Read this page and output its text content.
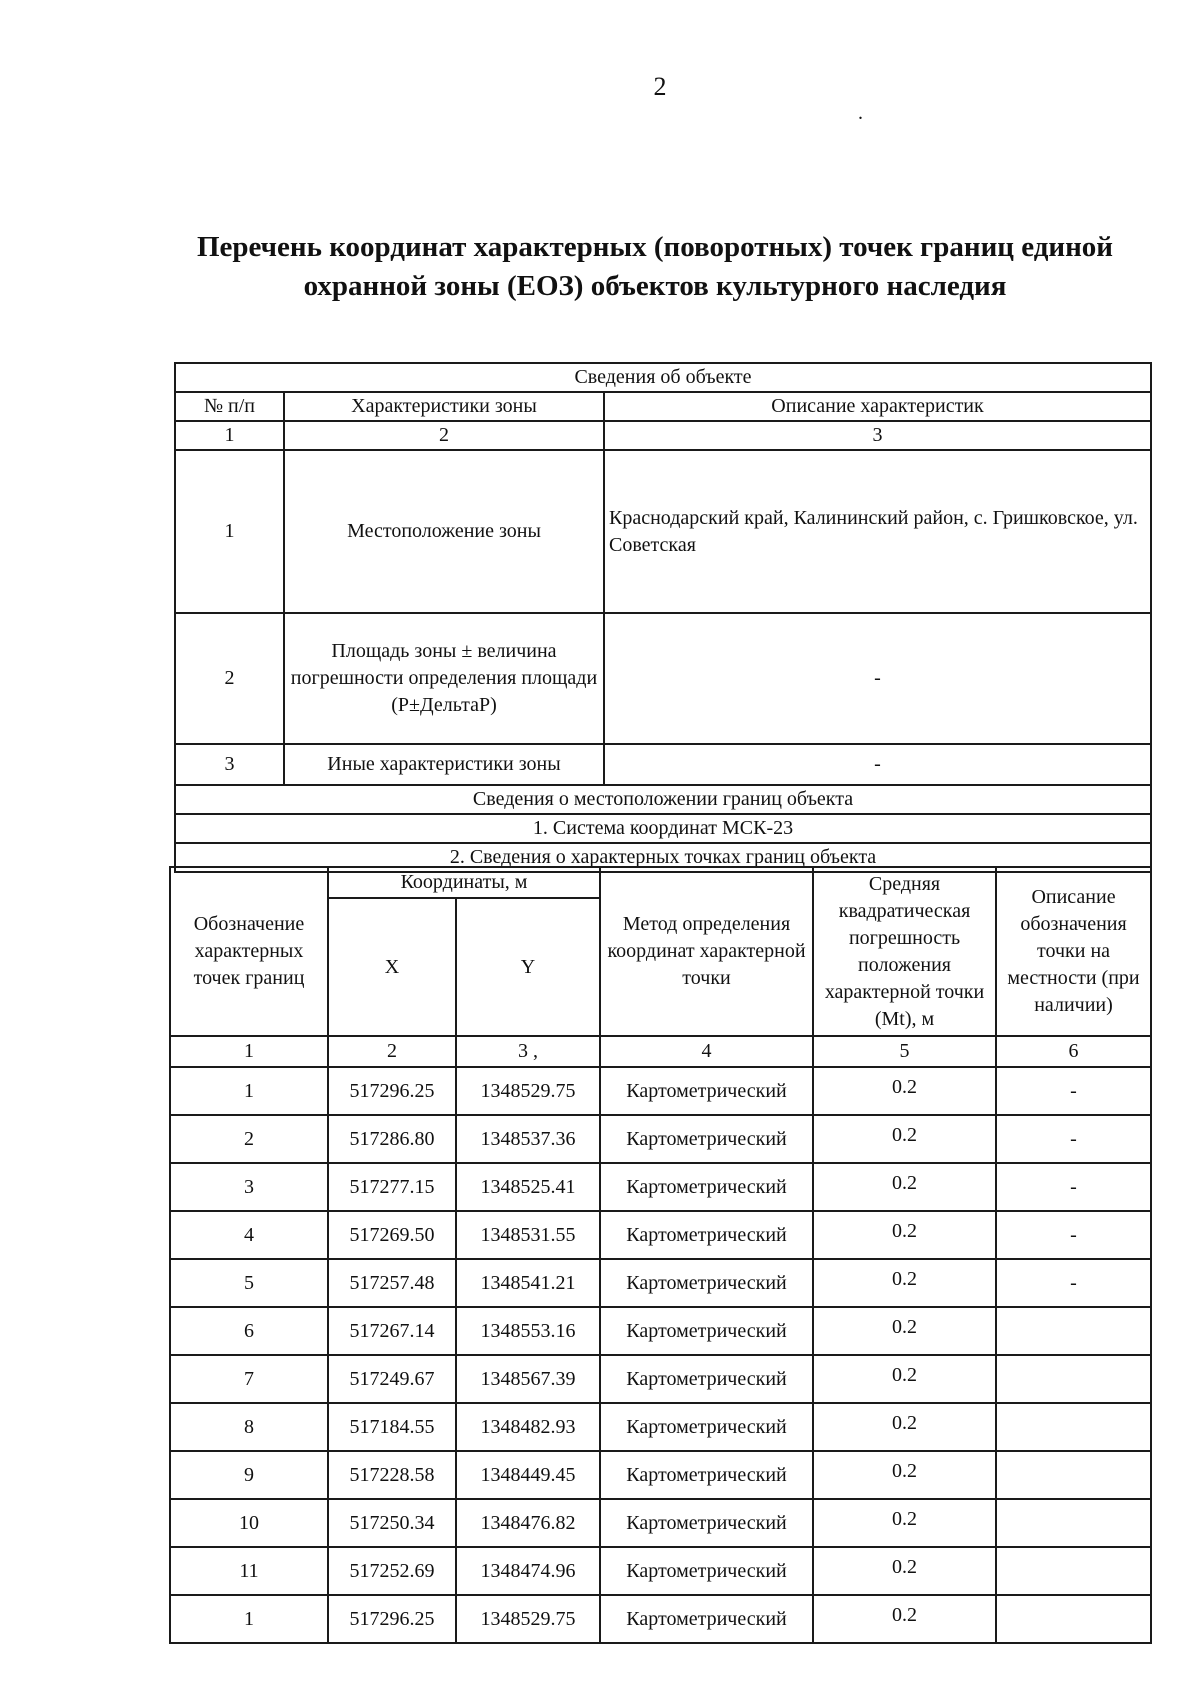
2
.
Перечень координат характерных (поворотных) точек границ единой охранной зоны (ЕОЗ) объектов культурного наследия
Сведения об объекте		
№ п/п	Характеристики зоны	Описание характеристик
1	2	3
1	Местоположение зоны	Краснодарский край, Калининский район, с. Гришковское, ул. Советская
2	Площадь зоны ± величина погрешности определения площади (Р±ДельтаР)	-
3	Иные характеристики зоны	-
Сведения о местоположении границ объекта		
1. Система координат МСК-23		
2. Сведения о характерных точках границ объекта		
Обозначение характерных точек границ	Координаты, м		Метод определения координат характерной точки	Средняя квадратическая погрешность положения характерной точки (Mt), м	Описание обозначения точки на местности (при наличии)
	X	Y			
1	2	3 ,	4	5	6
1	517296.25	1348529.75	Картометрический	0.2	-
2	517286.80	1348537.36	Картометрический	0.2	-
3	517277.15	1348525.41	Картометрический	0.2	-
4	517269.50	1348531.55	Картометрический	0.2	-
5	517257.48	1348541.21	Картометрический	0.2	-
6	517267.14	1348553.16	Картометрический	0.2	
7	517249.67	1348567.39	Картометрический	0.2	
8	517184.55	1348482.93	Картометрический	0.2	
9	517228.58	1348449.45	Картометрический	0.2	
10	517250.34	1348476.82	Картометрический	0.2	
11	517252.69	1348474.96	Картометрический	0.2	
1	517296.25	1348529.75	Картометрический	0.2	
